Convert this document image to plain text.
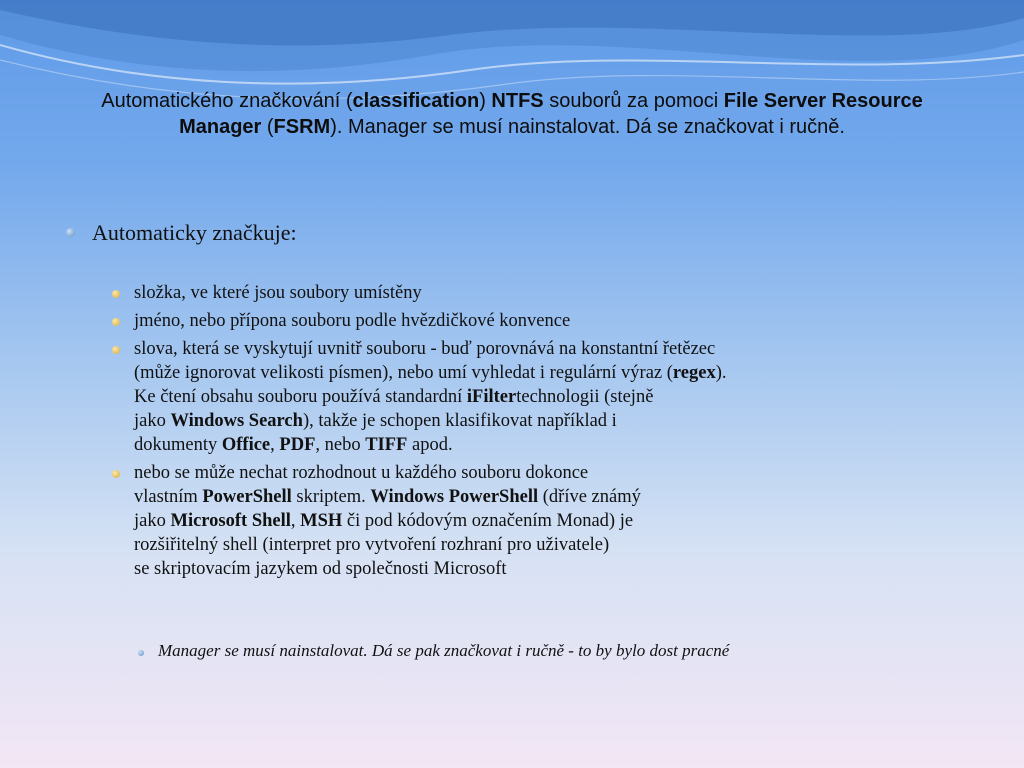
Automatického značkování (classification) NTFS souborů za pomoci File Server Resource Manager (FSRM). Manager se musí nainstalovat. Dá se značkovat i ručně.
Automaticky značkuje:
složka, ve které jsou soubory umístěny
jméno, nebo přípona souboru podle hvězdičkové konvence
slova, která se vyskytují uvnitř souboru - buď porovnává na konstantní řetězec
(může ignorovat velikosti písmen), nebo umí vyhledat i regulární výraz (regex).
Ke čtení obsahu souboru používá standardní iFiltertechnologii (stejně
jako Windows Search), takže je schopen klasifikovat například i
dokumenty Office, PDF, nebo TIFF apod.
nebo se může nechat rozhodnout u každého souboru dokonce
vlastním PowerShell skriptem. Windows PowerShell (dříve známý
jako Microsoft Shell, MSH či pod kódovým označením Monad) je
rozšiřitelný shell (interpret pro vytvoření rozhraní pro uživatele)
se skriptovacím jazykem od společnosti Microsoft
Manager se musí nainstalovat. Dá se pak značkovat i ručně - to by bylo dost pracné
